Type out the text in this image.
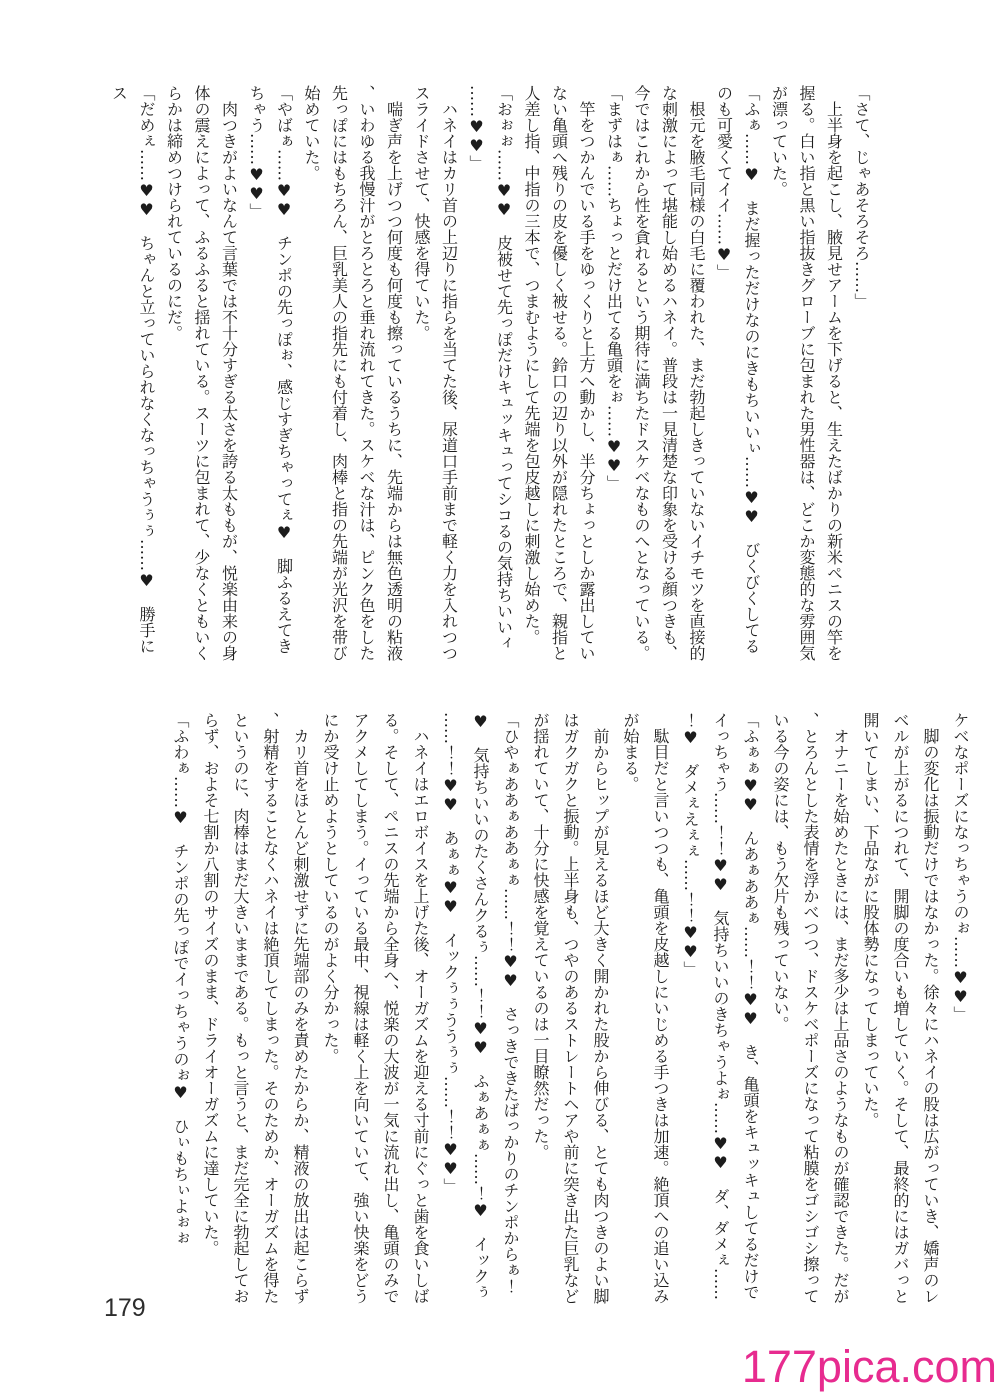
「さて、じゃあそろそろ……」

　上半身を起こし、腋見せアームを下げると、生えたばかりの新米ペニスの竿を握る。白い指と黒い指抜きグローブに包まれた男性器は、どこか変態的な雰囲気が漂っていた。

「ふぁ……♥　まだ握っただけなのにきもちいいぃ……♥♥　びくびくしてるのも可愛くてイイ……♥」

　根元を腋毛同様の白毛に覆われた、まだ勃起しきっていないイチモツを直接的な刺激によって堪能し始めるハネイ。普段は一見清楚な印象を受ける顔つきも、今ではこれから性を貪れるという期待に満ちたドスケベなものへとなっている。

「まずはぁ……ちょっとだけ出てる亀頭をぉ……♥♥」

　竿をつかんでいる手をゆっくりと上方へ動かし、半分ちょっとしか露出していない亀頭へ残りの皮を優しく被せる。鈴口の辺り以外が隠れたところで、親指と人差し指、中指の三本で、つまむようにして先端を包皮越しに刺激し始めた。

「おぉぉ……♥♥　皮被せて先っぽだけキュッキュってシコるの気持ちいいィ……♥♥」

　ハネイはカリ首の上辺りに指らを当てた後、尿道口手前まで軽く力を入れつつスライドさせて、快感を得ていた。

　喘ぎ声を上げつつ何度も何度も擦っているうちに、先端からは無色透明の粘液、いわゆる我慢汁がとろとろと垂れ流れてきた。スケベな汁は、ピンク色をした先っぽにはもちろん、巨乳美人の指先にも付着し、肉棒と指の先端が光沢を帯び始めていた。

「やばぁ……♥♥　チンポの先っぽぉ、感じすぎちゃってぇ♥　脚ふるえてきちゃう……♥♥」

　肉つきがよいなんて言葉では不十分すぎる太さを誇る太ももが、悦楽由来の身体の震えによって、ふるふると揺れている。スーツに包まれて、少なくともいくらかは締めつけられているのにだ。

「だめぇ……♥♥　ちゃんと立っていられなくなっちゃうぅぅ……♥　勝手にス

ケベなポーズになっちゃうのぉ……♥♥」

　脚の変化は振動だけではなかった。徐々にハネイの股は広がっていき、嬌声のレベルが上がるにつれて、開脚の度合いも増していく。そして、最終的にはガバっと開いてしまい、下品ながに股体勢になってしまっていた。

　オナニーを始めたときには、まだ多少は上品さのようなものが確認できた。だが、とろんとした表情を浮かべつつ、ドスケベポーズになって粘膜をゴシゴシ擦っている今の姿には、もう欠片も残っていない。

「ふぁぁ♥♥　んあぁああぁ……！！♥♥　き、亀頭をキュッキュしてるだけでイっちゃう……！！♥♥　気持ちいいのきちゃうよぉ……♥♥　ダ、ダメぇ……！♥　ダメぇえぇぇ……！！♥♥」

　駄目だと言いつつも、亀頭を皮越しにいじめる手つきは加速。絶頂への追い込みが始まる。

　前からヒップが見えるほど大きく開かれた股から伸びる、とても肉つきのよい脚はガクガクと振動。上半身も、つやのあるストレートヘアや前に突き出た巨乳などが揺れていて、十分に快感を覚えているのは一目瞭然だった。

「ひやぁああぁああぁぁ……！！♥♥　さっきできたばっかりのチンポからぁ！♥　気持ちいいのたくさんクるぅ……！！♥♥　ふぁあぁぁ……！♥　イックぅ……！！♥♥　あぁぁ♥♥　イックぅぅううぅぅ……！！♥♥」

　ハネイはエロボイスを上げた後、オーガズムを迎える寸前にぐっと歯を食いしばる。そして、ペニスの先端から全身へ、悦楽の大波が一気に流れ出し、亀頭のみでアクメしてしまう。イっている最中、視線は軽く上を向いていて、強い快楽をどうにか受け止めようとしているのがよく分かった。

　カリ首をほとんど刺激せずに先端部のみを責めたからか、精液の放出は起こらず、射精をすることなくハネイは絶頂してしまった。そのためか、オーガズムを得たというのに、肉棒はまだ大きいままである。もっと言うと、まだ完全に勃起しておらず、およそ七割か八割のサイズのまま、ドライオーガズムに達していた。

「ふわぁ……♥　チンポの先っぽでイっちゃうのぉ♥　ひぃもちぃよぉぉ

179
177pica.com
